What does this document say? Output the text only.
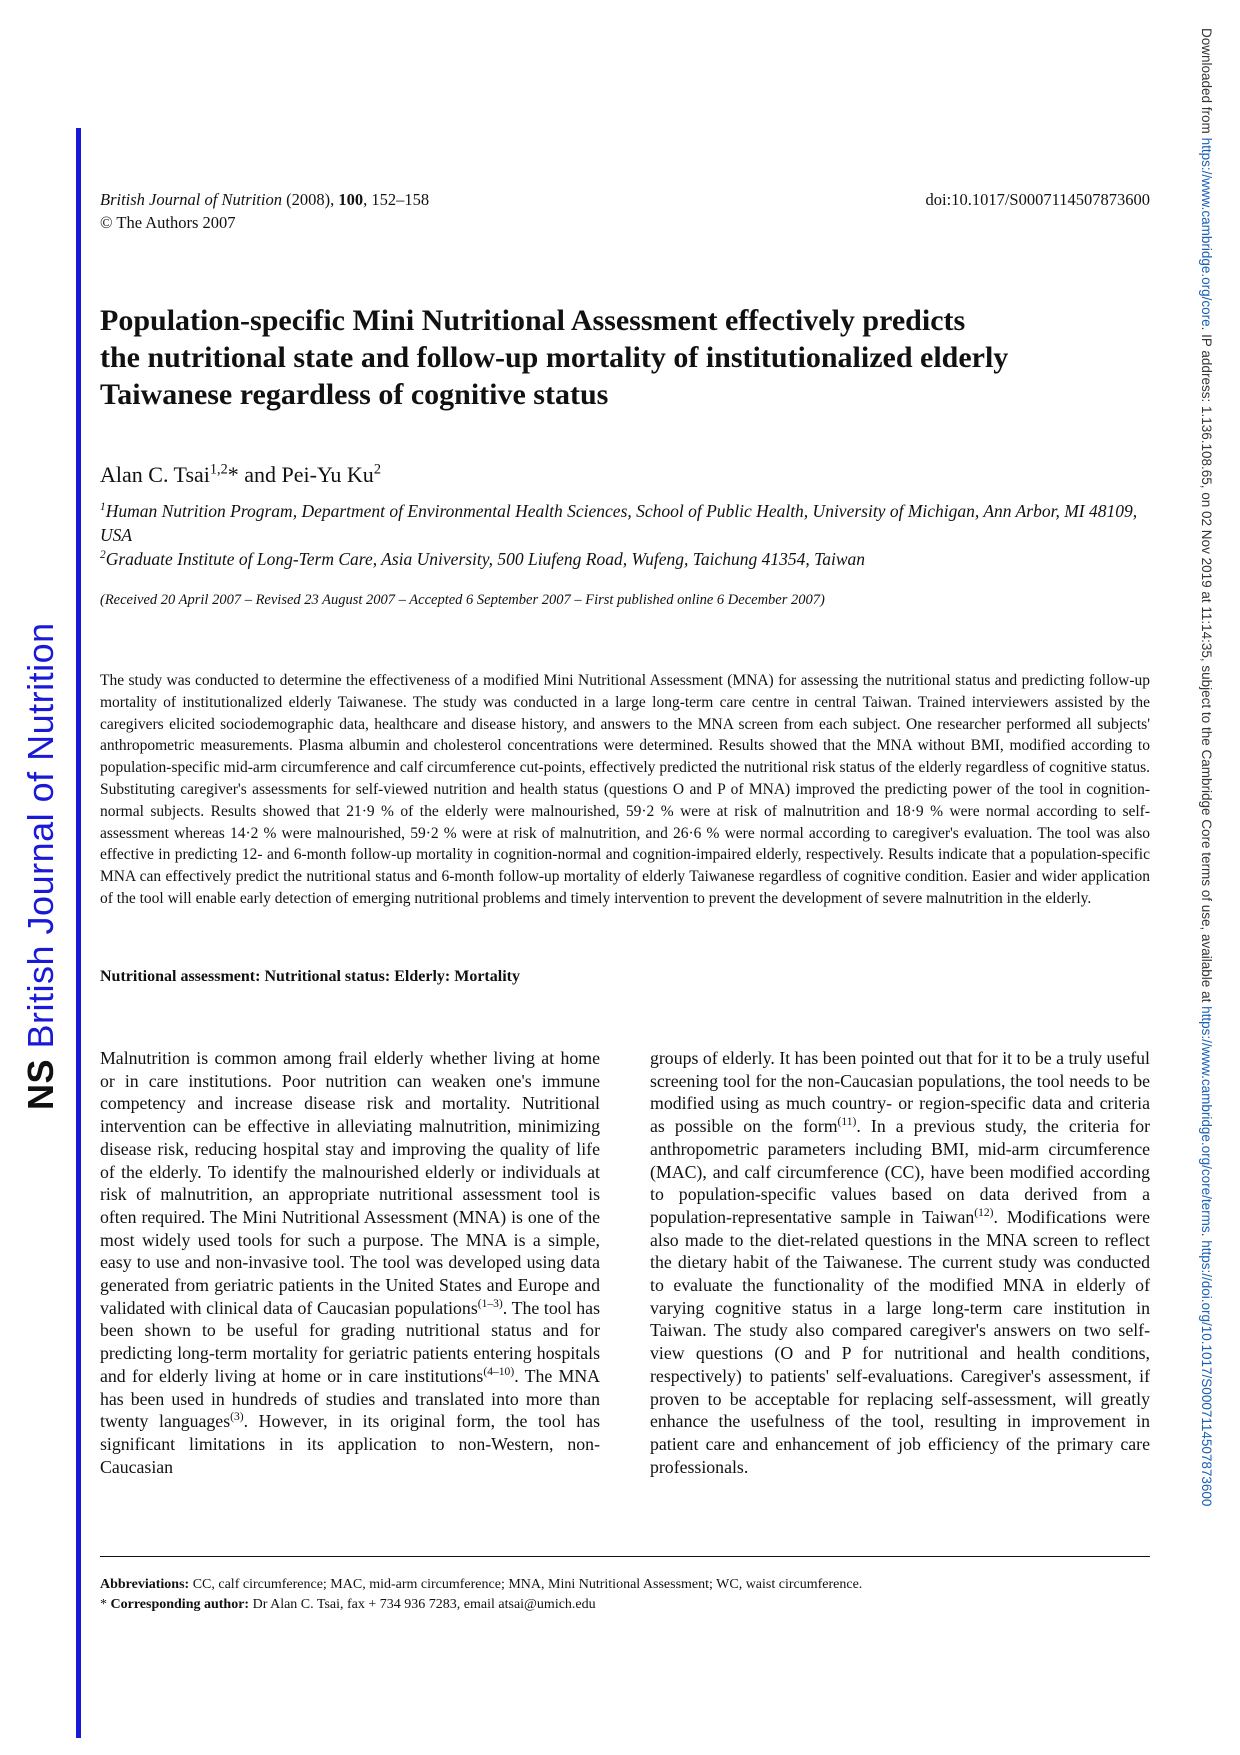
NS British Journal of Nutrition
Downloaded from https://www.cambridge.org/core. IP address: 1.136.108.65, on 02 Nov 2019 at 11:14:35, subject to the Cambridge Core terms of use, available at https://www.cambridge.org/core/terms. https://doi.org/10.1017/S0007114507873600
British Journal of Nutrition (2008), 100, 152–158
© The Authors 2007
doi:10.1017/S0007114507873600
Population-specific Mini Nutritional Assessment effectively predicts
the nutritional state and follow-up mortality of institutionalized elderly
Taiwanese regardless of cognitive status
Alan C. Tsai$^{1,2}$* and Pei-Yu Ku$^2$
$^1$Human Nutrition Program, Department of Environmental Health Sciences, School of Public Health, University of Michigan, Ann Arbor, MI 48109, USA
$^2$Graduate Institute of Long-Term Care, Asia University, 500 Liufeng Road, Wufeng, Taichung 41354, Taiwan
(Received 20 April 2007 – Revised 23 August 2007 – Accepted 6 September 2007 – First published online 6 December 2007)
The study was conducted to determine the effectiveness of a modified Mini Nutritional Assessment (MNA) for assessing the nutritional status and predicting follow-up mortality of institutionalized elderly Taiwanese. The study was conducted in a large long-term care centre in central Taiwan. Trained interviewers assisted by the caregivers elicited sociodemographic data, healthcare and disease history, and answers to the MNA screen from each subject. One researcher performed all subjects' anthropometric measurements. Plasma albumin and cholesterol concentrations were determined. Results showed that the MNA without BMI, modified according to population-specific mid-arm circumference and calf circumference cut-points, effectively predicted the nutritional risk status of the elderly regardless of cognitive status. Substituting caregiver's assessments for self-viewed nutrition and health status (questions O and P of MNA) improved the predicting power of the tool in cognition-normal subjects. Results showed that 21·9 % of the elderly were malnourished, 59·2 % were at risk of malnutrition and 18·9 % were normal according to self-assessment whereas 14·2 % were malnourished, 59·2 % were at risk of malnutrition, and 26·6 % were normal according to caregiver's evaluation. The tool was also effective in predicting 12- and 6-month follow-up mortality in cognition-normal and cognition-impaired elderly, respectively. Results indicate that a population-specific MNA can effectively predict the nutritional status and 6-month follow-up mortality of elderly Taiwanese regardless of cognitive condition. Easier and wider application of the tool will enable early detection of emerging nutritional problems and timely intervention to prevent the development of severe malnutrition in the elderly.
Nutritional assessment: Nutritional status: Elderly: Mortality
Malnutrition is common among frail elderly whether living at home or in care institutions. Poor nutrition can weaken one's immune competency and increase disease risk and mortality. Nutritional intervention can be effective in alleviating malnutrition, minimizing disease risk, reducing hospital stay and improving the quality of life of the elderly. To identify the malnourished elderly or individuals at risk of malnutrition, an appropriate nutritional assessment tool is often required. The Mini Nutritional Assessment (MNA) is one of the most widely used tools for such a purpose. The MNA is a simple, easy to use and non-invasive tool. The tool was developed using data generated from geriatric patients in the United States and Europe and validated with clinical data of Caucasian populations$^{(1-3)}$. The tool has been shown to be useful for grading nutritional status and for predicting long-term mortality for geriatric patients entering hospitals and for elderly living at home or in care institutions$^{(4-10)}$. The MNA has been used in hundreds of studies and translated into more than twenty languages$^{(3)}$. However, in its original form, the tool has significant limitations in its application to non-Western, non-Caucasian
groups of elderly. It has been pointed out that for it to be a truly useful screening tool for the non-Caucasian populations, the tool needs to be modified using as much country- or region-specific data and criteria as possible on the form$^{(11)}$. In a previous study, the criteria for anthropometric parameters including BMI, mid-arm circumference (MAC), and calf circumference (CC), have been modified according to population-specific values based on data derived from a population-representative sample in Taiwan$^{(12)}$. Modifications were also made to the diet-related questions in the MNA screen to reflect the dietary habit of the Taiwanese. The current study was conducted to evaluate the functionality of the modified MNA in elderly of varying cognitive status in a large long-term care institution in Taiwan. The study also compared caregiver's answers on two self-view questions (O and P for nutritional and health conditions, respectively) to patients' self-evaluations. Caregiver's assessment, if proven to be acceptable for replacing self-assessment, will greatly enhance the usefulness of the tool, resulting in improvement in patient care and enhancement of job efficiency of the primary care professionals.
Abbreviations: CC, calf circumference; MAC, mid-arm circumference; MNA, Mini Nutritional Assessment; WC, waist circumference.
* Corresponding author: Dr Alan C. Tsai, fax + 734 936 7283, email atsai@umich.edu
